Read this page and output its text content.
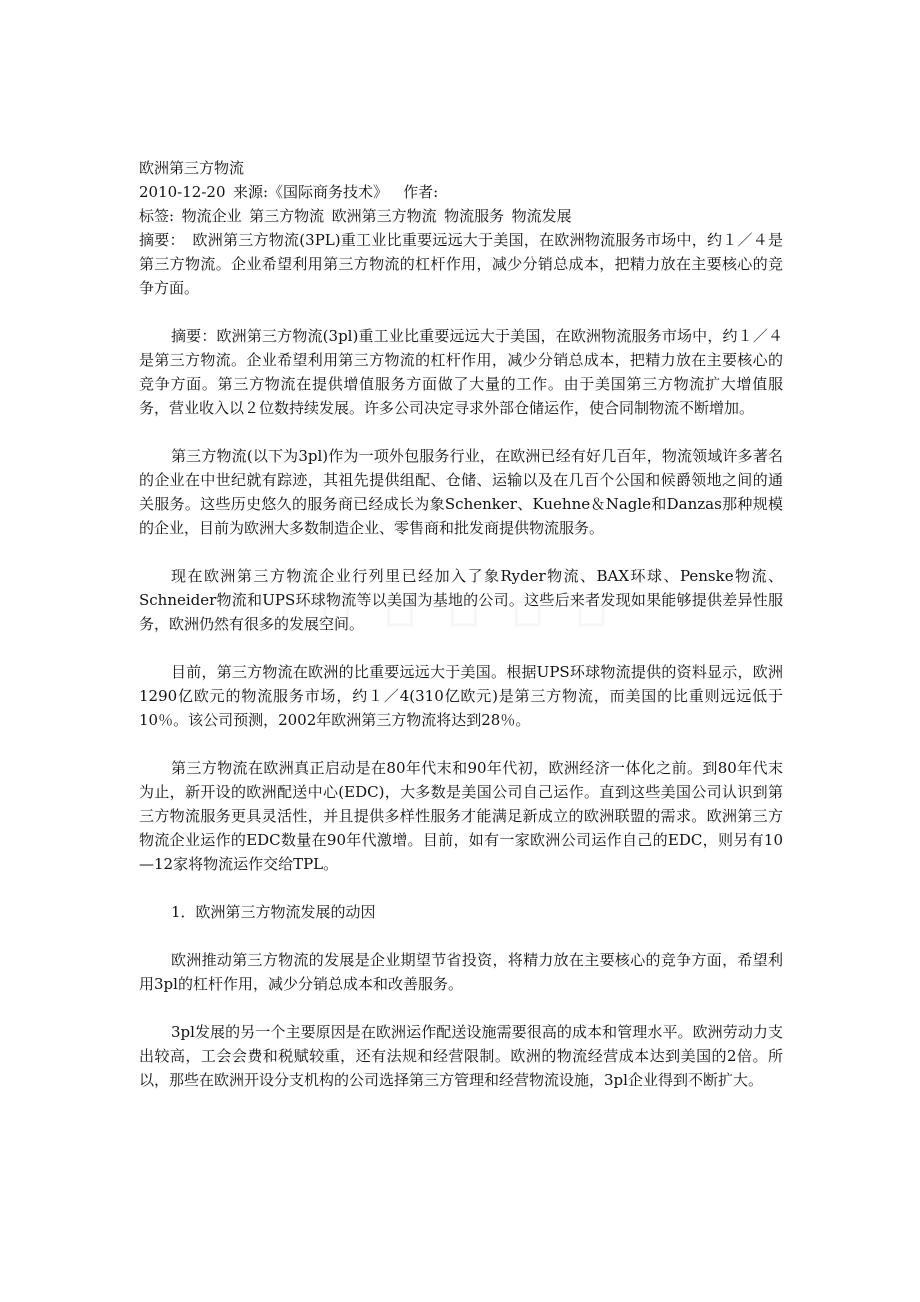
欧洲第三方物流

2010-12-20 来源:《国际商务技术》 作者:

标签: 物流企业 第三方物流 欧洲第三方物流 物流服务 物流发展

摘要： 欧洲第三方物流(3PL)重工业比重要远远大于美国，在欧洲物流服务市场中，约１／４是第三方物流。企业希望利用第三方物流的杠杆作用，减少分销总成本，把精力放在主要核心的竞争方面。

摘要：欧洲第三方物流(3pl)重工业比重要远远大于美国，在欧洲物流服务市场中，约１／４是第三方物流。企业希望利用第三方物流的杠杆作用，减少分销总成本，把精力放在主要核心的竞争方面。第三方物流在提供增值服务方面做了大量的工作。由于美国第三方物流扩大增值服务，营业收入以２位数持续发展。许多公司决定寻求外部仓储运作，使合同制物流不断增加。

第三方物流(以下为3pl)作为一项外包服务行业，在欧洲已经有好几百年，物流领域许多著名的企业在中世纪就有踪迹，其祖先提供组配、仓储、运输以及在几百个公国和候爵领地之间的通关服务。这些历史悠久的服务商已经成长为象Schenker、Kuehne＆Nagle和Danzas那种规模的企业，目前为欧洲大多数制造企业、零售商和批发商提供物流服务。

现在欧洲第三方物流企业行列里已经加入了象Ryder物流、BAX环球、Penske物流、Schneider物流和UPS环球物流等以美国为基地的公司。这些后来者发现如果能够提供差异性服务，欧洲仍然有很多的发展空间。

目前，第三方物流在欧洲的比重要远远大于美国。根据UPS环球物流提供的资料显示，欧洲1290亿欧元的物流服务市场，约１／4(310亿欧元)是第三方物流，而美国的比重则远远低于10％。该公司预测，2002年欧洲第三方物流将达到28％。

第三方物流在欧洲真正启动是在80年代末和90年代初，欧洲经济一体化之前。到80年代末为止，新开设的欧洲配送中心(EDC)，大多数是美国公司自己运作。直到这些美国公司认识到第三方物流服务更具灵活性，并且提供多样性服务才能满足新成立的欧洲联盟的需求。欧洲第三方物流企业运作的EDC数量在90年代激增。目前，如有一家欧洲公司运作自己的EDC，则另有10—12家将物流运作交给TPL。

1．欧洲第三方物流发展的动因

欧洲推动第三方物流的发展是企业期望节省投资，将精力放在主要核心的竞争方面，希望利用3pl的杠杆作用，减少分销总成本和改善服务。

3pl发展的另一个主要原因是在欧洲运作配送设施需要很高的成本和管理水平。欧洲劳动力支出较高，工会会费和税赋较重，还有法规和经营限制。欧洲的物流经营成本达到美国的2倍。所以，那些在欧洲开设分支机构的公司选择第三方管理和经营物流设施，3pl企业得到不断扩大。
